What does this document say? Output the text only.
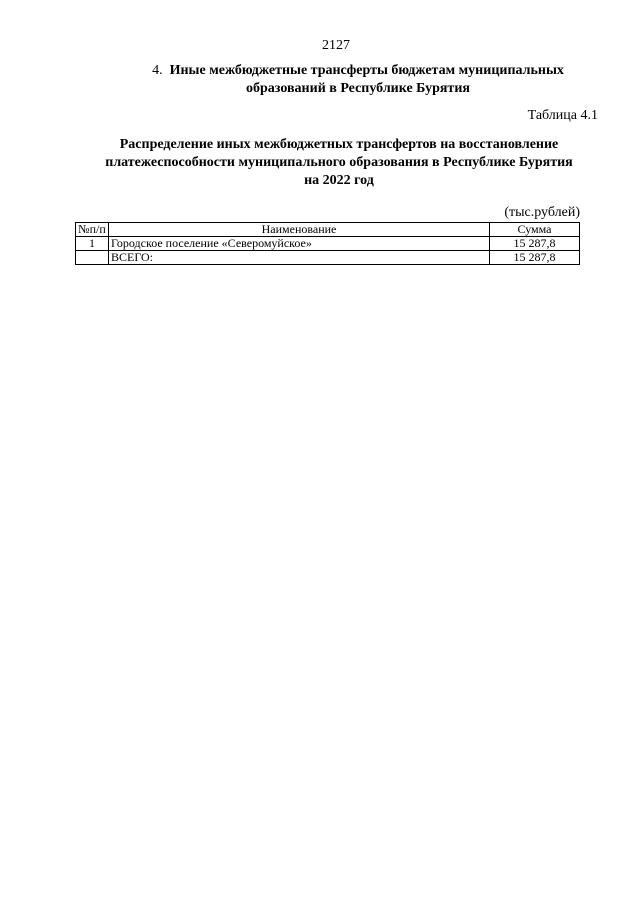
2127
4. Иные межбюджетные трансферты бюджетам муниципальных
образований в Республике Бурятия
Таблица 4.1
Распределение иных межбюджетных трансфертов на восстановление
платежеспособности муниципального образования в Республике Бурятия
на 2022 год
(тыс.рублей)
№п/п	Наименование	Сумма
1	Городское поселение «Северомуйское»	15 287,8
	ВСЕГО:	15 287,8
